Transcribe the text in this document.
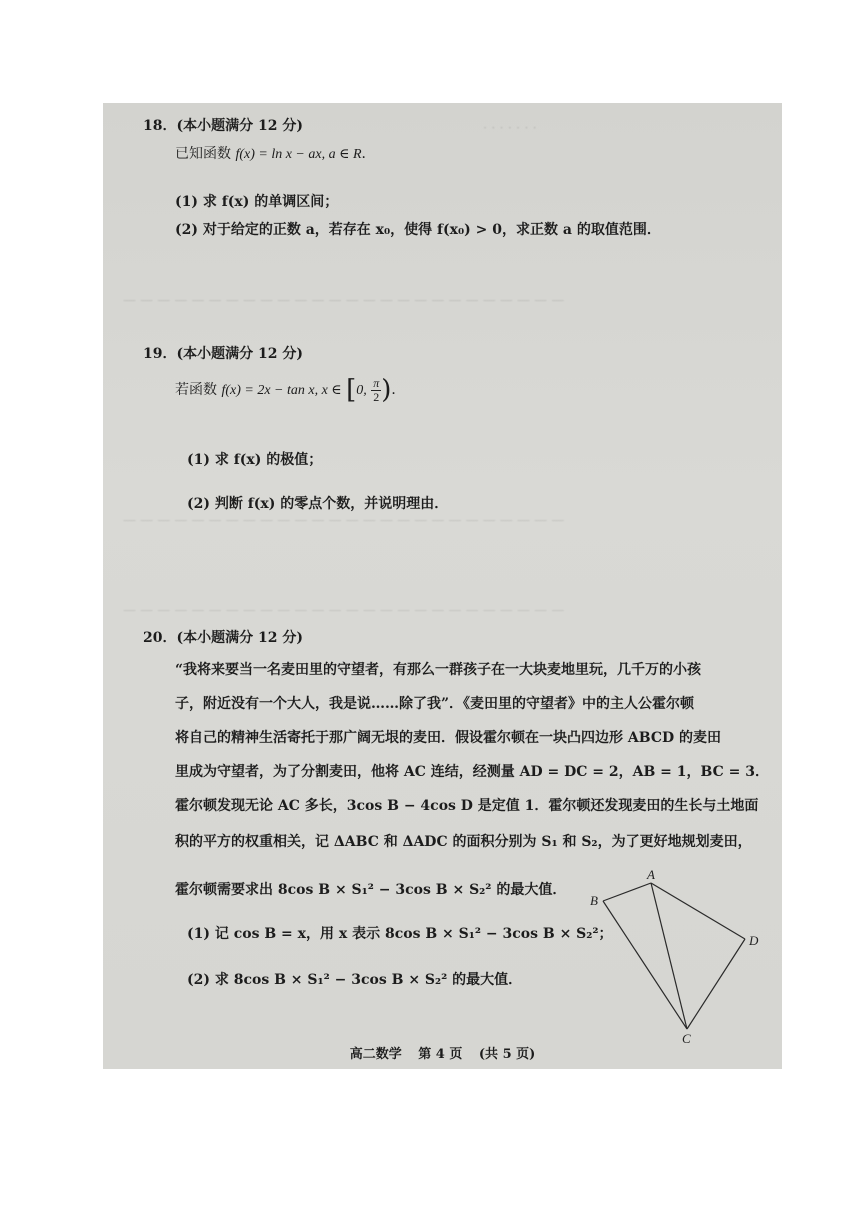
· · · · · · ·
— — — — — — — — — — — — — — — — — — — — — — — — — —
— — — — — — — — — — — — — — — — — — — — — — — — — —
— — — — — — — — — — — — — — — — — — — — — — — — — —
18．(本小题满分 12 分)
已知函数 f(x) = ln x − ax, a ∈ R．
(1) 求 f(x) 的单调区间；
(2) 对于给定的正数 a，若存在 x₀，使得 f(x₀) > 0，求正数 a 的取值范围．
19．(本小题满分 12 分)
若函数 f(x) = 2x − tan x, x ∈ [0, $\frac{\pi}{2}$ )．
(1) 求 f(x) 的极值；
(2) 判断 f(x) 的零点个数，并说明理由．
20．(本小题满分 12 分)
“我将来要当一名麦田里的守望者，有那么一群孩子在一大块麦地里玩，几千万的小孩
子，附近没有一个大人，我是说……除了我”．《麦田里的守望者》中的主人公霍尔顿
将自己的精神生活寄托于那广阔无垠的麦田．假设霍尔顿在一块凸四边形 ABCD 的麦田
里成为守望者，为了分割麦田，他将 AC 连结，经测量 AD = DC = 2，AB = 1，BC = 3．
霍尔顿发现无论 AC 多长，3cos B − 4cos D 是定值 1．霍尔顿还发现麦田的生长与土地面
积的平方的权重相关，记 ΔABC 和 ΔADC 的面积分别为 S₁ 和 S₂，为了更好地规划麦田，
霍尔顿需要求出 8cos B × S₁² − 3cos B × S₂² 的最大值．
(1) 记 cos B = x，用 x 表示 8cos B × S₁² − 3cos B × S₂²；
(2) 求 8cos B × S₁² − 3cos B × S₂² 的最大值．
A
B
C
D
高二数学 第 4 页 (共 5 页)
